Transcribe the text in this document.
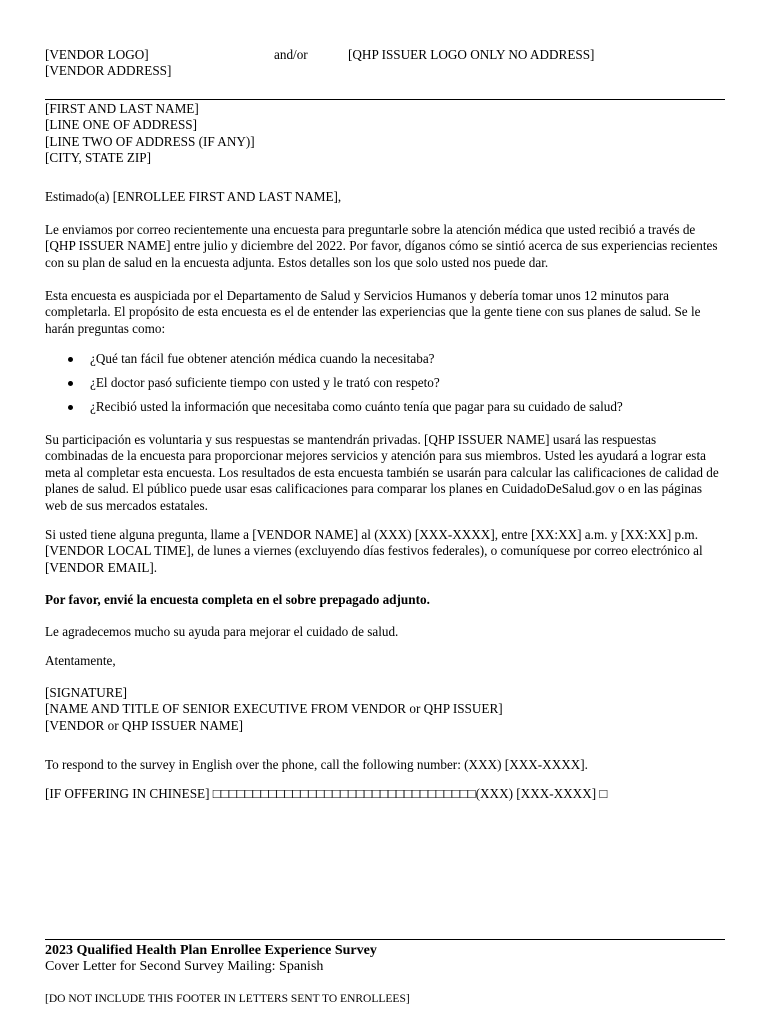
[VENDOR LOGO]
[VENDOR ADDRESS]
and/or	[QHP ISSUER LOGO ONLY NO ADDRESS]
[FIRST AND LAST NAME]
[LINE ONE OF ADDRESS]
[LINE TWO OF ADDRESS (IF ANY)]
[CITY, STATE ZIP]

Estimado(a) [ENROLLEE FIRST AND LAST NAME],

Le enviamos por correo recientemente una encuesta para preguntarle sobre la atención médica que usted recibió a través de [QHP ISSUER NAME] entre julio y diciembre del 2022. Por favor, díganos cómo se sintió acerca de sus experiencias recientes con su plan de salud en la encuesta adjunta. Estos detalles son los que solo usted nos puede dar.

Esta encuesta es auspiciada por el Departamento de Salud y Servicios Humanos y debería tomar unos 12 minutos para completarla. El propósito de esta encuesta es el de entender las experiencias que la gente tiene con sus planes de salud. Se le harán preguntas como:

¿Qué tan fácil fue obtener atención médica cuando la necesitaba?
¿El doctor pasó suficiente tiempo con usted y le trató con respeto?
¿Recibió usted la información que necesitaba como cuánto tenía que pagar para su cuidado de salud?

Su participación es voluntaria y sus respuestas se mantendrán privadas. [QHP ISSUER NAME] usará las respuestas combinadas de la encuesta para proporcionar mejores servicios y atención para sus miembros. Usted les ayudará a lograr esta meta al completar esta encuesta. Los resultados de esta encuesta también se usarán para calcular las calificaciones de calidad de planes de salud. El público puede usar esas calificaciones para comparar los planes en CuidadoDeSalud.gov o en las páginas web de sus mercados estatales.

Si usted tiene alguna pregunta, llame a [VENDOR NAME] al (XXX) [XXX-XXXX], entre [XX:XX] a.m. y [XX:XX] p.m. [VENDOR LOCAL TIME], de lunes a viernes (excluyendo días festivos federales), o comuníquese por correo electrónico al [VENDOR EMAIL].

Por favor, envié la encuesta completa en el sobre prepagado adjunto.

Le agradecemos mucho su ayuda para mejorar el cuidado de salud.

Atentamente,

[SIGNATURE]
[NAME AND TITLE OF SENIOR EXECUTIVE FROM VENDOR or QHP ISSUER]
[VENDOR or QHP ISSUER NAME]

To respond to the survey in English over the phone, call the following number: (XXX) [XXX-XXXX].

[IF OFFERING IN CHINESE] □□□□□□□□□□□□□□□□□□□□□□□□□□□□□□□□□(XXX) [XXX-XXXX] □

2023 Qualified Health Plan Enrollee Experience Survey
Cover Letter for Second Survey Mailing: Spanish
[DO NOT INCLUDE THIS FOOTER IN LETTERS SENT TO ENROLLEES]
